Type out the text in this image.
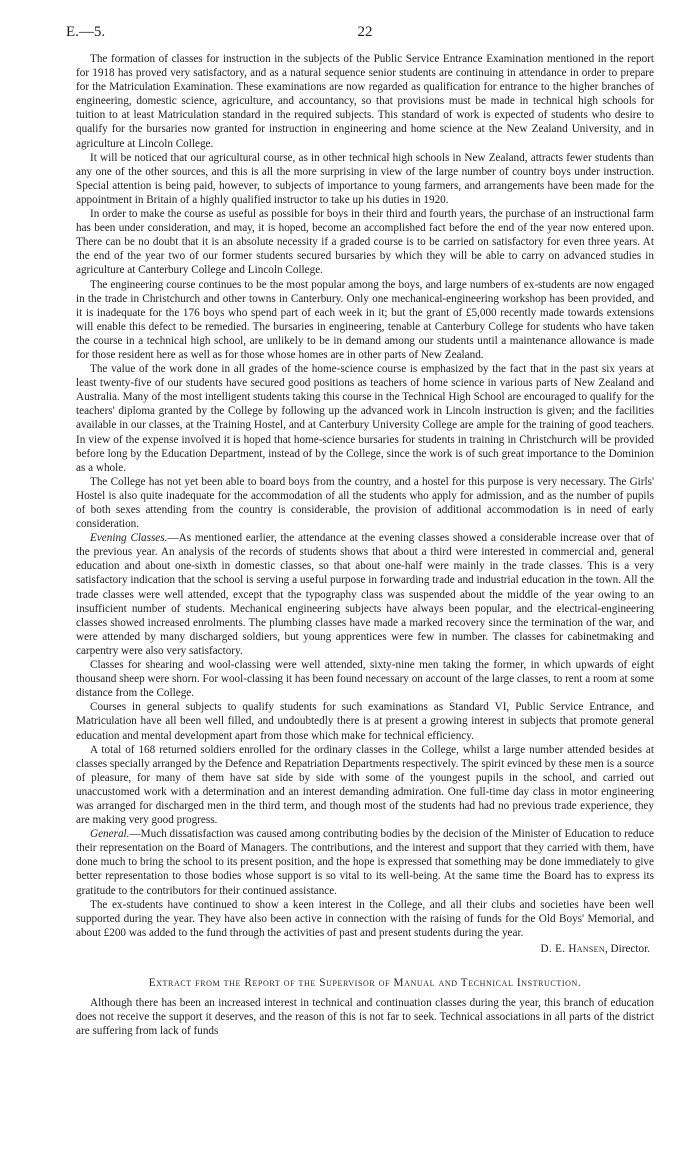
E.—5.	22

The formation of classes for instruction in the subjects of the Public Service Entrance Examination mentioned in the report for 1918 has proved very satisfactory, and as a natural sequence senior students are continuing in attendance in order to prepare for the Matriculation Examination. These examinations are now regarded as qualification for entrance to the higher branches of engineering, domestic science, agriculture, and accountancy, so that provisions must be made in technical high schools for tuition to at least Matriculation standard in the required subjects. This standard of work is expected of students who desire to qualify for the bursaries now granted for instruction in engineering and home science at the New Zealand University, and in agriculture at Lincoln College.

It will be noticed that our agricultural course, as in other technical high schools in New Zealand, attracts fewer students than any one of the other sources, and this is all the more surprising in view of the large number of country boys under instruction. Special attention is being paid, however, to subjects of importance to young farmers, and arrangements have been made for the appointment in Britain of a highly qualified instructor to take up his duties in 1920.

In order to make the course as useful as possible for boys in their third and fourth years, the purchase of an instructional farm has been under consideration, and may, it is hoped, become an accomplished fact before the end of the year now entered upon. There can be no doubt that it is an absolute necessity if a graded course is to be carried on satisfactory for even three years. At the end of the year two of our former students secured bursaries by which they will be able to carry on advanced studies in agriculture at Canterbury College and Lincoln College.

The engineering course continues to be the most popular among the boys, and large numbers of ex-students are now engaged in the trade in Christchurch and other towns in Canterbury. Only one mechanical-engineering workshop has been provided, and it is inadequate for the 176 boys who spend part of each week in it; but the grant of £5,000 recently made towards extensions will enable this defect to be remedied. The bursaries in engineering, tenable at Canterbury College for students who have taken the course in a technical high school, are unlikely to be in demand among our students until a maintenance allowance is made for those resident here as well as for those whose homes are in other parts of New Zealand.

The value of the work done in all grades of the home-science course is emphasized by the fact that in the past six years at least twenty-five of our students have secured good positions as teachers of home science in various parts of New Zealand and Australia. Many of the most intelligent students taking this course in the Technical High School are encouraged to qualify for the teachers' diploma granted by the College by following up the advanced work in Lincoln instruction is given; and the facilities available in our classes, at the Training Hostel, and at Canterbury University College are ample for the training of good teachers. In view of the expense involved it is hoped that home-science bursaries for students in training in Christchurch will be provided before long by the Education Department, instead of by the College, since the work is of such great importance to the Dominion as a whole.

The College has not yet been able to board boys from the country, and a hostel for this purpose is very necessary. The Girls' Hostel is also quite inadequate for the accommodation of all the students who apply for admission, and as the number of pupils of both sexes attending from the country is considerable, the provision of additional accommodation is in need of early consideration.

Evening Classes.—As mentioned earlier, the attendance at the evening classes showed a considerable increase over that of the previous year. An analysis of the records of students shows that about a third were interested in commercial and, general education and about one-sixth in domestic classes, so that about one-half were mainly in the trade classes. This is a very satisfactory indication that the school is serving a useful purpose in forwarding trade and industrial education in the town. All the trade classes were well attended, except that the typography class was suspended about the middle of the year owing to an insufficient number of students. Mechanical engineering subjects have always been popular, and the electrical-engineering classes showed increased enrolments. The plumbing classes have made a marked recovery since the termination of the war, and were attended by many discharged soldiers, but young apprentices were few in number. The classes for cabinetmaking and carpentry were also very satisfactory.

Classes for shearing and wool-classing were well attended, sixty-nine men taking the former, in which upwards of eight thousand sheep were shorn. For wool-classing it has been found necessary on account of the large classes, to rent a room at some distance from the College.

Courses in general subjects to qualify students for such examinations as Standard VI, Public Service Entrance, and Matriculation have all been well filled, and undoubtedly there is at present a growing interest in subjects that promote general education and mental development apart from those which make for technical efficiency.

A total of 168 returned soldiers enrolled for the ordinary classes in the College, whilst a large number attended besides at classes specially arranged by the Defence and Repatriation Departments respectively. The spirit evinced by these men is a source of pleasure, for many of them have sat side by side with some of the youngest pupils in the school, and carried out unaccustomed work with a determination and an interest demanding admiration. One full-time day class in motor engineering was arranged for discharged men in the third term, and though most of the students had had no previous trade experience, they are making very good progress.

General.—Much dissatisfaction was caused among contributing bodies by the decision of the Minister of Education to reduce their representation on the Board of Managers. The contributions, and the interest and support that they carried with them, have done much to bring the school to its present position, and the hope is expressed that something may be done immediately to give better representation to those bodies whose support is so vital to its well-being. At the same time the Board has to express its gratitude to the contributors for their continued assistance.

The ex-students have continued to show a keen interest in the College, and all their clubs and societies have been well supported during the year. They have also been active in connection with the raising of funds for the Old Boys' Memorial, and about £200 was added to the fund through the activities of past and present students during the year.

D. E. Hansen, Director.
Extract from the Report of the Supervisor of Manual and Technical Instruction.

Although there has been an increased interest in technical and continuation classes during the year, this branch of education does not receive the support it deserves, and the reason of this is not far to seek. Technical associations in all parts of the district are suffering from lack of funds
